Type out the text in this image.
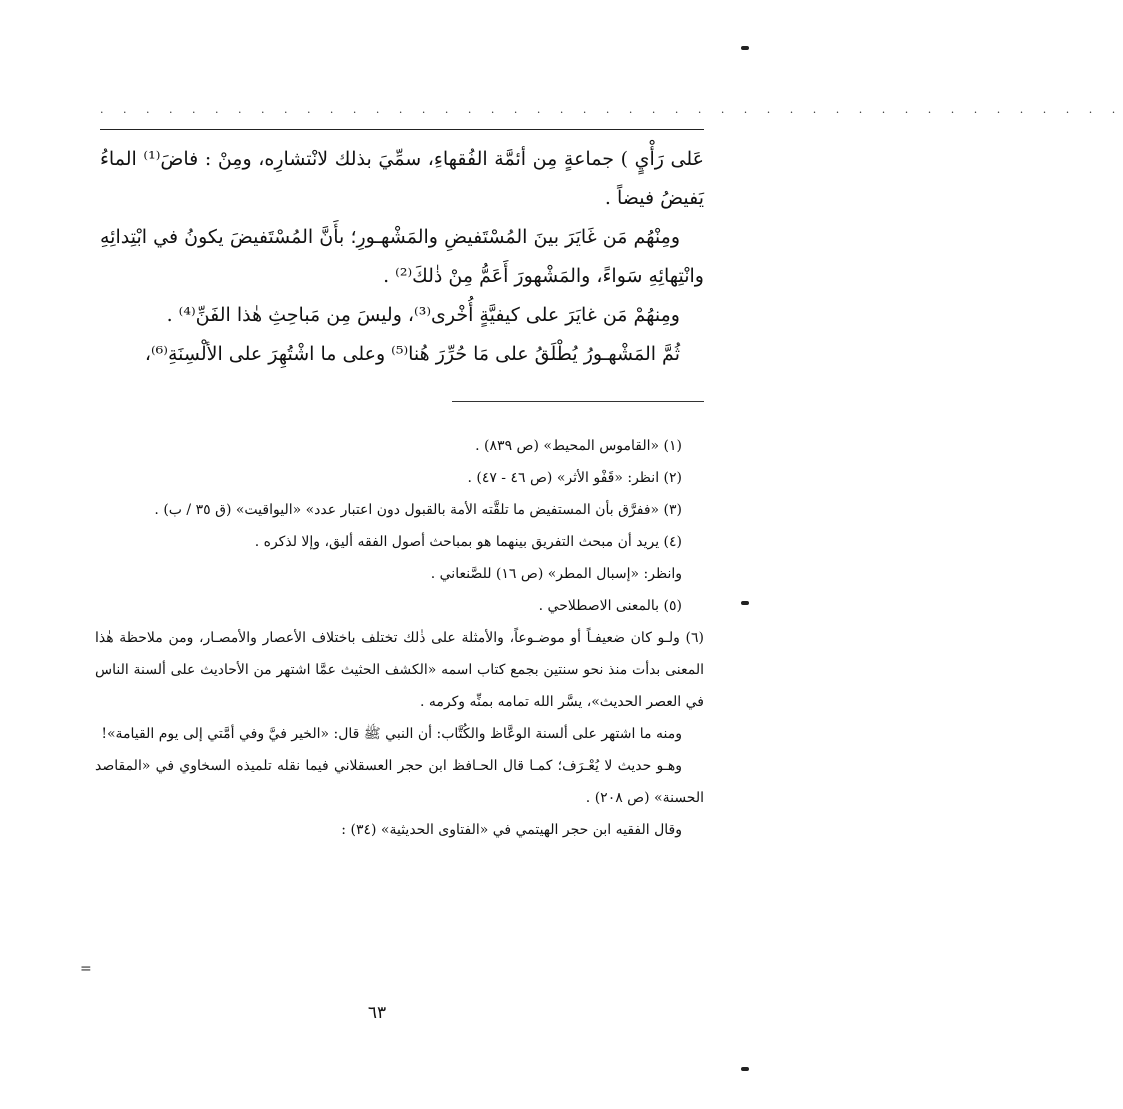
. . . . . . . . . . . . . . . . . . . . . . . . . . . . . . . . . . . . . . . . . . . . .

عَلى رَأْيٍ ) جماعةٍ مِن أئمَّة الفُقهاءِ، سمِّيَ بذلك لانْتشارِه، ومِنْ : فاضَ⁽¹⁾ الماءُ يَفيضُ فيضاً .

ومِنْهُم مَن غَايَرَ بينَ المُسْتَفيضِ والمَشْهـورِ؛ بأَنَّ المُسْتَفيضَ يكونُ في ابْتِدائِهِ وانْتِهائِهِ سَواءً، والمَشْهورَ أَعَمُّ مِنْ ذٰلكَ⁽²⁾ .

ومِنهُمْ مَن غايَرَ على كيفيَّةٍ أُخْرى⁽³⁾، وليسَ مِن مَباحِثِ هٰذا الفَنِّ⁽⁴⁾ .

ثُمَّ المَشْهـورُ يُطْلَقُ على مَا حُرِّرَ هُنا⁽⁵⁾ وعلى ما اشْتُهِرَ على الألْسِنَةِ⁽⁶⁾،

(١) «القاموس المحيط» (ص ٨٣٩) .

(٢) انظر: «قَفْو الأثر» (ص ٤٦ - ٤٧) .

(٣) «ففرَّق بأن المستفيض ما تلقَّته الأمة بالقبول دون اعتبار عدد» «اليواقيت» (ق ٣٥ / ب) .

(٤) يريد أن مبحث التفريق بينهما هو بمباحث أصول الفقه أليق، وإلا لذكره .

وانظر: «إسبال المطر» (ص ١٦) للصَّنعاني .

(٥) بالمعنى الاصطلاحي .

(٦) ولـو كان ضعيفـاً أو موضـوعاً، والأمثلة على ذٰلك تختلف باختلاف الأعصار والأمصـار، ومن ملاحظة هٰذا المعنى بدأت منذ نحو سنتين بجمع كتاب اسمه «الكشف الحثيث عمَّا اشتهر من الأحاديث على ألسنة الناس في العصر الحديث»، يسَّر الله تمامه بمنِّه وكرمه .

ومنه ما اشتهر على ألسنة الوعَّاظ والكُتَّاب: أن النبي ﷺ قال: «الخير فيَّ وفي أمَّتي إلى يوم القيامة»!

وهـو حديث لا يُعْـرَف؛ كمـا قال الحـافظ ابن حجر العسقلاني فيما نقله تلميذه السخاوي في «المقاصد الحسنة» (ص ٢٠٨) .

وقال الفقيه ابن حجر الهيتمي في «الفتاوى الحديثية» (٣٤) :

٦٣
=
